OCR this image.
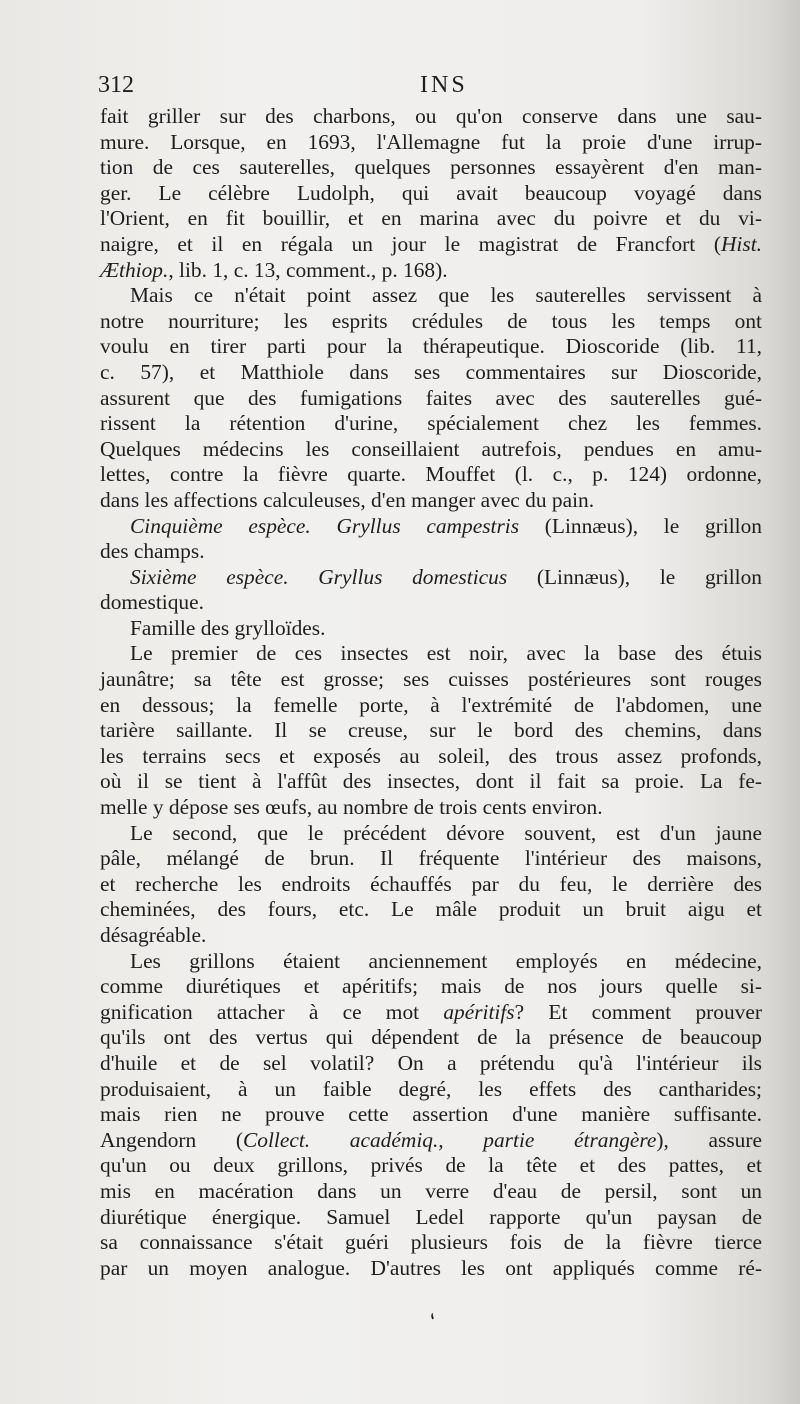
312	INS
fait griller sur des charbons, ou qu'on conserve dans une sau-
mure. Lorsque, en 1693, l'Allemagne fut la proie d'une irrup-
tion de ces sauterelles, quelques personnes essayèrent d'en man-
ger. Le célèbre Ludolph, qui avait beaucoup voyagé dans
l'Orient, en fit bouillir, et en marina avec du poivre et du vi-
naigre, et il en régala un jour le magistrat de Francfort (Hist.
Æthiop., lib. 1, c. 13, comment., p. 168).
Mais ce n'était point assez que les sauterelles servissent à
notre nourriture; les esprits crédules de tous les temps ont
voulu en tirer parti pour la thérapeutique. Dioscoride (lib. 11,
c. 57), et Matthiole dans ses commentaires sur Dioscoride,
assurent que des fumigations faites avec des sauterelles gué-
rissent la rétention d'urine, spécialement chez les femmes.
Quelques médecins les conseillaient autrefois, pendues en amu-
lettes, contre la fièvre quarte. Mouffet (l. c., p. 124) ordonne,
dans les affections calculeuses, d'en manger avec du pain.
Cinquième espèce. Gryllus campestris (Linnæus), le grillon
des champs.
Sixième espèce. Gryllus domesticus (Linnæus), le grillon
domestique.
Famille des grylloïdes.
Le premier de ces insectes est noir, avec la base des étuis
jaunâtre; sa tête est grosse; ses cuisses postérieures sont rouges
en dessous; la femelle porte, à l'extrémité de l'abdomen, une
tarière saillante. Il se creuse, sur le bord des chemins, dans
les terrains secs et exposés au soleil, des trous assez profonds,
où il se tient à l'affût des insectes, dont il fait sa proie. La fe-
melle y dépose ses œufs, au nombre de trois cents environ.
Le second, que le précédent dévore souvent, est d'un jaune
pâle, mélangé de brun. Il fréquente l'intérieur des maisons,
et recherche les endroits échauffés par du feu, le derrière des
cheminées, des fours, etc. Le mâle produit un bruit aigu et
désagréable.
Les grillons étaient anciennement employés en médecine,
comme diurétiques et apéritifs; mais de nos jours quelle si-
gnification attacher à ce mot apéritifs? Et comment prouver
qu'ils ont des vertus qui dépendent de la présence de beaucoup
d'huile et de sel volatil? On a prétendu qu'à l'intérieur ils
produisaient, à un faible degré, les effets des cantharides;
mais rien ne prouve cette assertion d'une manière suffisante.
Angendorn (Collect. académiq., partie étrangère), assure
qu'un ou deux grillons, privés de la tête et des pattes, et
mis en macération dans un verre d'eau de persil, sont un
diurétique énergique. Samuel Ledel rapporte qu'un paysan de
sa connaissance s'était guéri plusieurs fois de la fièvre tierce
par un moyen analogue. D'autres les ont appliqués comme ré-
ʻ
